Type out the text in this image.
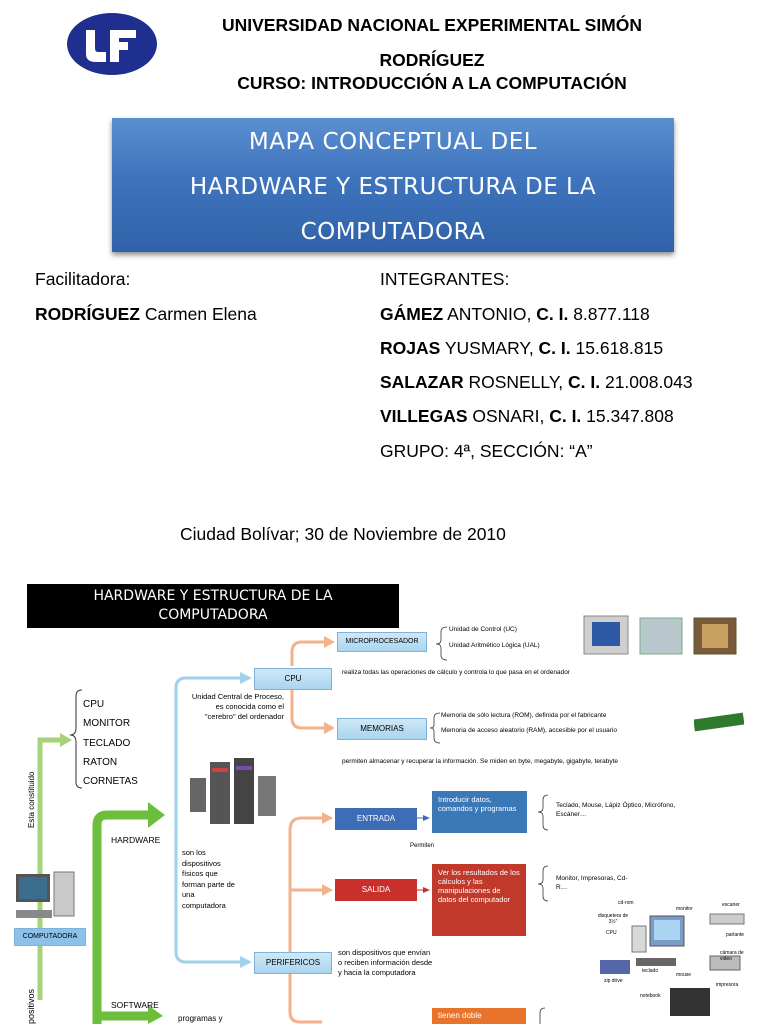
UNIVERSIDAD NACIONAL EXPERIMENTAL SIMÓN
RODRÍGUEZ
CURSO: INTRODUCCIÓN A LA COMPUTACIÓN
MAPA CONCEPTUAL DEL
HARDWARE Y ESTRUCTURA DE LA
COMPUTADORA
Facilitadora:
RODRÍGUEZ Carmen Elena
INTEGRANTES:
GÁMEZ ANTONIO, C. I. 8.877.118
ROJAS YUSMARY, C. I. 15.618.815
SALAZAR ROSNELLY, C. I. 21.008.043
VILLEGAS OSNARI, C. I. 15.347.808
GRUPO: 4ª, SECCIÓN: “A”
Ciudad Bolívar; 30 de Noviembre de 2010
HARDWARE Y ESTRUCTURA DE LA
COMPUTADORA
CPU
MONITOR
TECLADO
RATON
CORNETAS
Esta constituido
positivos
COMPUTADORA
HARDWARE
SOFTWARE
programas y
son los dispositivos físicos que forman parte de una computadora
CPU
Unidad Central de Proceso, es conocida como el "cerebro" del ordenador
MICROPROCESADOR
Unidad de Control (UC)
Unidad Aritmético Lógica (UAL)
realiza todas las operaciones de cálculo y controla lo que pasa en el ordenador
MEMORIAS
Memoria de sólo lectura (ROM), definida por el fabricante
Memoria de acceso aleatorio (RAM), accesible por el usuario
permiten almacenar y recuperar la información. Se miden en byte, megabyte, gigabyte, terabyte
ENTRADA
Introducir datos, comandos y programas	Teclado, Mouse, Lápiz Óptico, Micrófono, Escáner…
Permiten
SALIDA
Ver los resultados de los cálculos y las manipulaciones de datos del computador
Monitor, Impresoras, Cd-R…
PERIFERICOS
son dispositivos que envían o reciben información desde y hacia la computadora
tienen doble
cd-rom
disquetera de 3½"
CPU
monitor
escaner
parlante
cámara de video
teclado
mouse
impresora
zip drive
notebook
